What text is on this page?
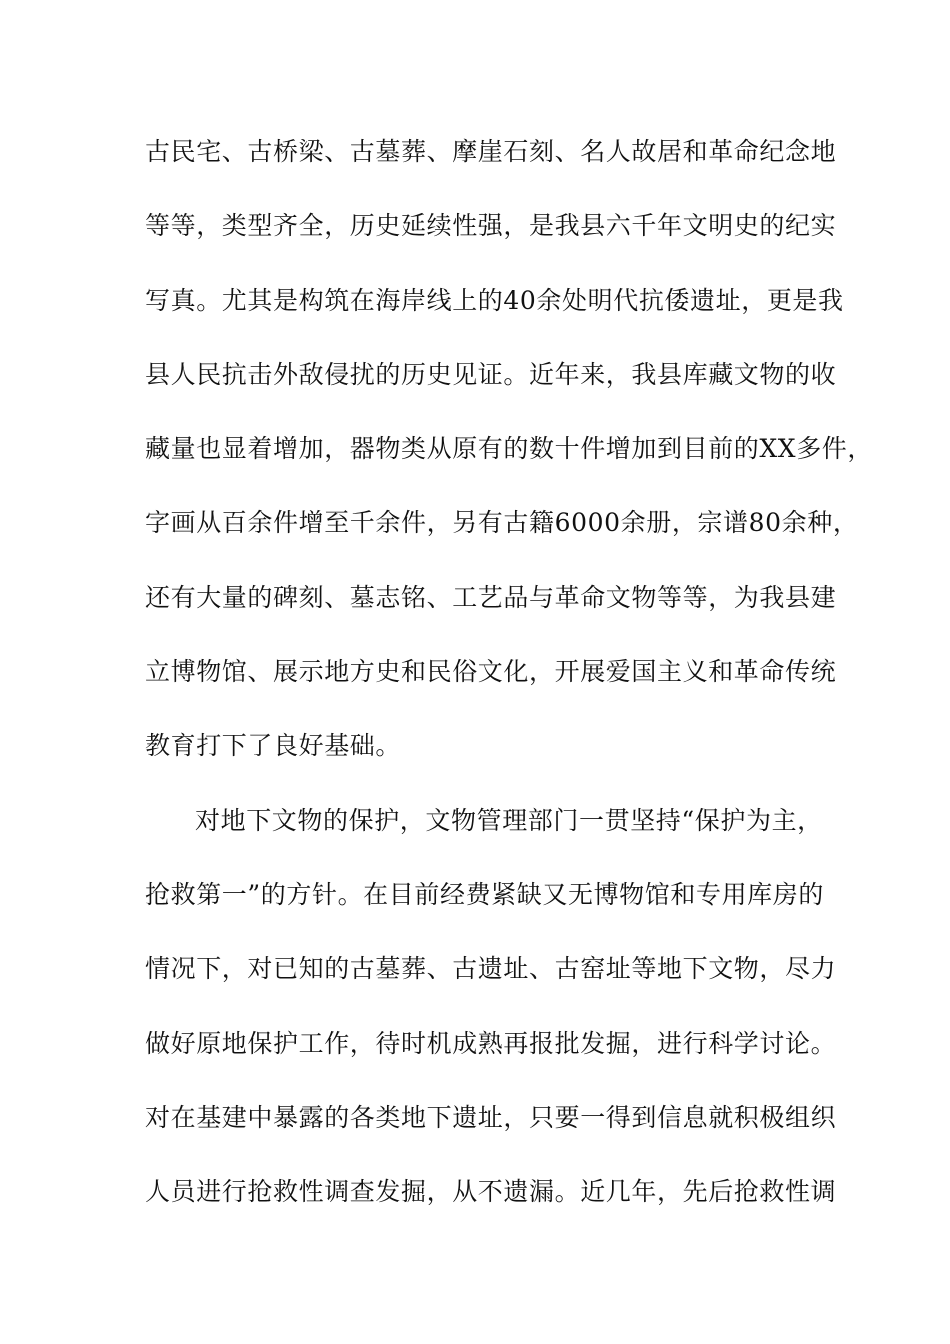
古民宅、古桥梁、古墓葬、摩崖石刻、名人故居和革命纪念地
等等，类型齐全，历史延续性强，是我县六千年文明史的纪实
写真。尤其是构筑在海岸线上的40余处明代抗倭遗址，更是我
县人民抗击外敌侵扰的历史见证。近年来，我县库藏文物的收
藏量也显着增加，器物类从原有的数十件增加到目前的XX多件，
字画从百余件增至千余件，另有古籍6000余册，宗谱80余种，
还有大量的碑刻、墓志铭、工艺品与革命文物等等，为我县建
立博物馆、展示地方史和民俗文化，开展爱国主义和革命传统
教育打下了良好基础。
对地下文物的保护，文物管理部门一贯坚持“保护为主，
抢救第一”的方针。在目前经费紧缺又无博物馆和专用库房的
情况下，对已知的古墓葬、古遗址、古窑址等地下文物，尽力
做好原地保护工作，待时机成熟再报批发掘，进行科学讨论。
对在基建中暴露的各类地下遗址，只要一得到信息就积极组织
人员进行抢救性调查发掘，从不遗漏。近几年，先后抢救性调
